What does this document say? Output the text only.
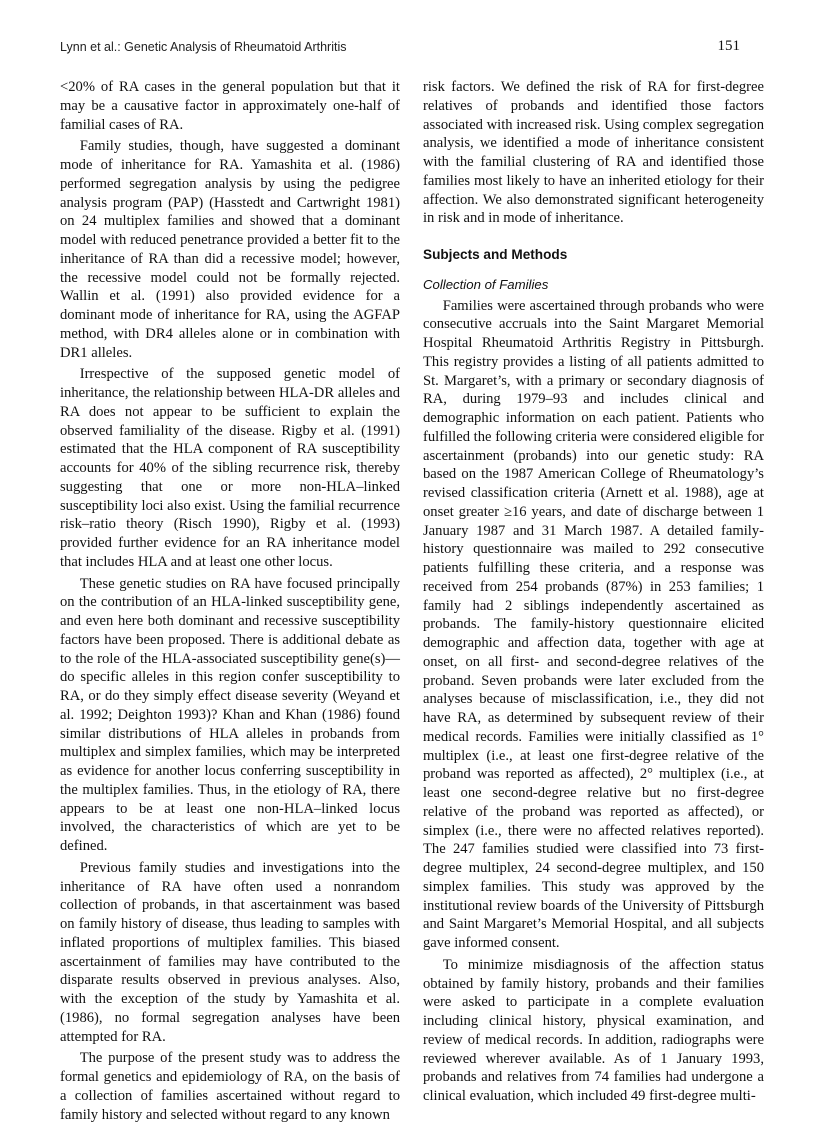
Lynn et al.: Genetic Analysis of Rheumatoid Arthritis	151

<20% of RA cases in the general population but that it may be a causative factor in approximately one-half of familial cases of RA.

Family studies, though, have suggested a dominant mode of inheritance for RA. Yamashita et al. (1986) performed segregation analysis by using the pedigree analysis program (PAP) (Hasstedt and Cartwright 1981) on 24 multiplex families and showed that a dominant model with reduced penetrance provided a better fit to the inheritance of RA than did a recessive model; however, the recessive model could not be formally rejected. Wallin et al. (1991) also provided evidence for a dominant mode of inheritance for RA, using the AGFAP method, with DR4 alleles alone or in combination with DR1 alleles.

Irrespective of the supposed genetic model of inheritance, the relationship between HLA-DR alleles and RA does not appear to be sufficient to explain the observed familiality of the disease. Rigby et al. (1991) estimated that the HLA component of RA susceptibility accounts for 40% of the sibling recurrence risk, thereby suggesting that one or more non-HLA–linked susceptibility loci also exist. Using the familial recurrence risk–ratio theory (Risch 1990), Rigby et al. (1993) provided further evidence for an RA inheritance model that includes HLA and at least one other locus.

These genetic studies on RA have focused principally on the contribution of an HLA-linked susceptibility gene, and even here both dominant and recessive susceptibility factors have been proposed. There is additional debate as to the role of the HLA-associated susceptibility gene(s)—do specific alleles in this region confer susceptibility to RA, or do they simply effect disease severity (Weyand et al. 1992; Deighton 1993)? Khan and Khan (1986) found similar distributions of HLA alleles in probands from multiplex and simplex families, which may be interpreted as evidence for another locus conferring susceptibility in the multiplex families. Thus, in the etiology of RA, there appears to be at least one non-HLA–linked locus involved, the characteristics of which are yet to be defined.

Previous family studies and investigations into the inheritance of RA have often used a nonrandom collection of probands, in that ascertainment was based on family history of disease, thus leading to samples with inflated proportions of multiplex families. This biased ascertainment of families may have contributed to the disparate results observed in previous analyses. Also, with the exception of the study by Yamashita et al. (1986), no formal segregation analyses have been attempted for RA.

The purpose of the present study was to address the formal genetics and epidemiology of RA, on the basis of a collection of families ascertained without regard to family history and selected without regard to any known

risk factors. We defined the risk of RA for first-degree relatives of probands and identified those factors associated with increased risk. Using complex segregation analysis, we identified a mode of inheritance consistent with the familial clustering of RA and identified those families most likely to have an inherited etiology for their affection. We also demonstrated significant heterogeneity in risk and in mode of inheritance.

Subjects and Methods
Collection of Families

Families were ascertained through probands who were consecutive accruals into the Saint Margaret Memorial Hospital Rheumatoid Arthritis Registry in Pittsburgh. This registry provides a listing of all patients admitted to St. Margaret’s, with a primary or secondary diagnosis of RA, during 1979–93 and includes clinical and demographic information on each patient. Patients who fulfilled the following criteria were considered eligible for ascertainment (probands) into our genetic study: RA based on the 1987 American College of Rheumatology’s revised classification criteria (Arnett et al. 1988), age at onset greater ≥16 years, and date of discharge between 1 January 1987 and 31 March 1987. A detailed family-history questionnaire was mailed to 292 consecutive patients fulfilling these criteria, and a response was received from 254 probands (87%) in 253 families; 1 family had 2 siblings independently ascertained as probands. The family-history questionnaire elicited demographic and affection data, together with age at onset, on all first- and second-degree relatives of the proband. Seven probands were later excluded from the analyses because of misclassification, i.e., they did not have RA, as determined by subsequent review of their medical records. Families were initially classified as 1° multiplex (i.e., at least one first-degree relative of the proband was reported as affected), 2° multiplex (i.e., at least one second-degree relative but no first-degree relative of the proband was reported as affected), or simplex (i.e., there were no affected relatives reported). The 247 families studied were classified into 73 first-degree multiplex, 24 second-degree multiplex, and 150 simplex families. This study was approved by the institutional review boards of the University of Pittsburgh and Saint Margaret’s Memorial Hospital, and all subjects gave informed consent.

To minimize misdiagnosis of the affection status obtained by family history, probands and their families were asked to participate in a complete evaluation including clinical history, physical examination, and review of medical records. In addition, radiographs were reviewed wherever available. As of 1 January 1993, probands and relatives from 74 families had undergone a clinical evaluation, which included 49 first-degree multi-
